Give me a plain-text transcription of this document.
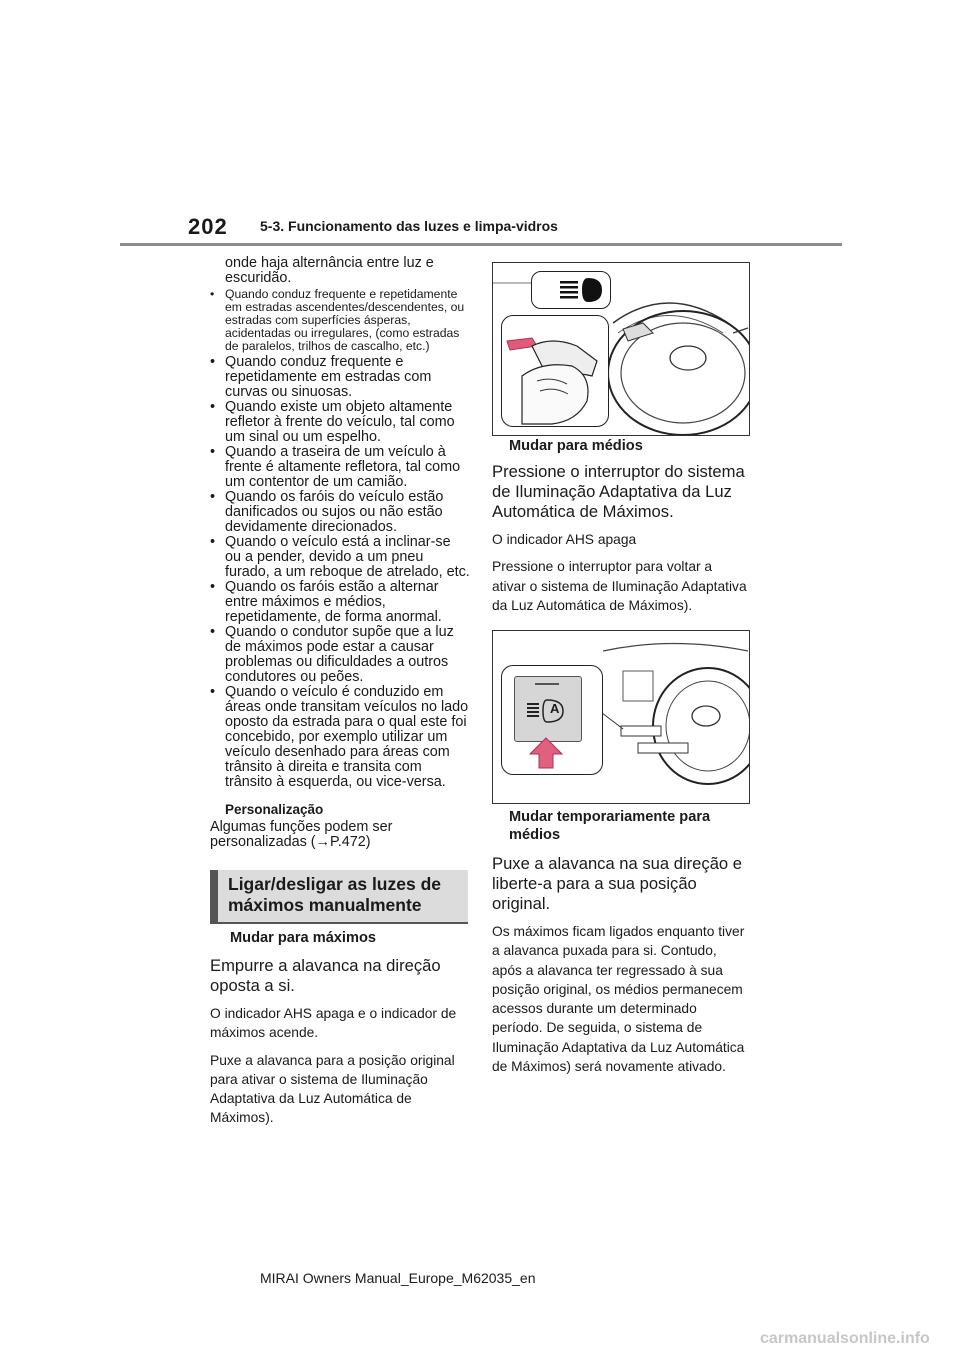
202 5-3. Funcionamento das luzes e limpa-vidros

onde haja alternância entre luz e escuridão.

• Quando conduz frequente e repetidamente em estradas ascendentes/descendentes, ou estradas com superfícies ásperas, acidentadas ou irregulares, (como estradas de paralelos, trilhos de cascalho, etc.)
• Quando conduz frequente e repetidamente em estradas com curvas ou sinuosas.
• Quando existe um objeto altamente refletor à frente do veículo, tal como um sinal ou um espelho.
• Quando a traseira de um veículo à frente é altamente refletora, tal como um contentor de um camião.
• Quando os faróis do veículo estão danificados ou sujos ou não estão devidamente direcionados.
• Quando o veículo está a inclinar-se ou a pender, devido a um pneu furado, a um reboque de atrelado, etc.
• Quando os faróis estão a alternar entre máximos e médios, repetidamente, de forma anormal.
• Quando o condutor supõe que a luz de máximos pode estar a causar problemas ou dificuldades a outros condutores ou peões.
• Quando o veículo é conduzido em áreas onde transitam veículos no lado oposto da estrada para o qual este foi concebido, por exemplo utilizar um veículo desenhado para áreas com trânsito à direita e transita com trânsito à esquerda, ou vice-versa.

Personalização

Algumas funções podem ser personalizadas (→P.472)

Ligar/desligar as luzes de máximos manualmente

Mudar para máximos

Empurre a alavanca na direção oposta a si.

O indicador AHS apaga e o indicador de máximos acende.

Puxe a alavanca para a posição original para ativar o sistema de Iluminação Adaptativa da Luz Automática de Máximos).

Mudar para médios

Pressione o interruptor do sistema de Iluminação Adaptativa da Luz Automática de Máximos.

O indicador AHS apaga

Pressione o interruptor para voltar a ativar o sistema de Iluminação Adaptativa da Luz Automática de Máximos).

A

Mudar temporariamente para médios

Puxe a alavanca na sua direção e liberte-a para a sua posição original.

Os máximos ficam ligados enquanto tiver a alavanca puxada para si. Contudo, após a alavanca ter regressado à sua posição original, os médios permanecem acessos durante um determinado período. De seguida, o sistema de Iluminação Adaptativa da Luz Automática de Máximos) será novamente ativado.

MIRAI Owners Manual_Europe_M62035_en
carmanualsonline.info
